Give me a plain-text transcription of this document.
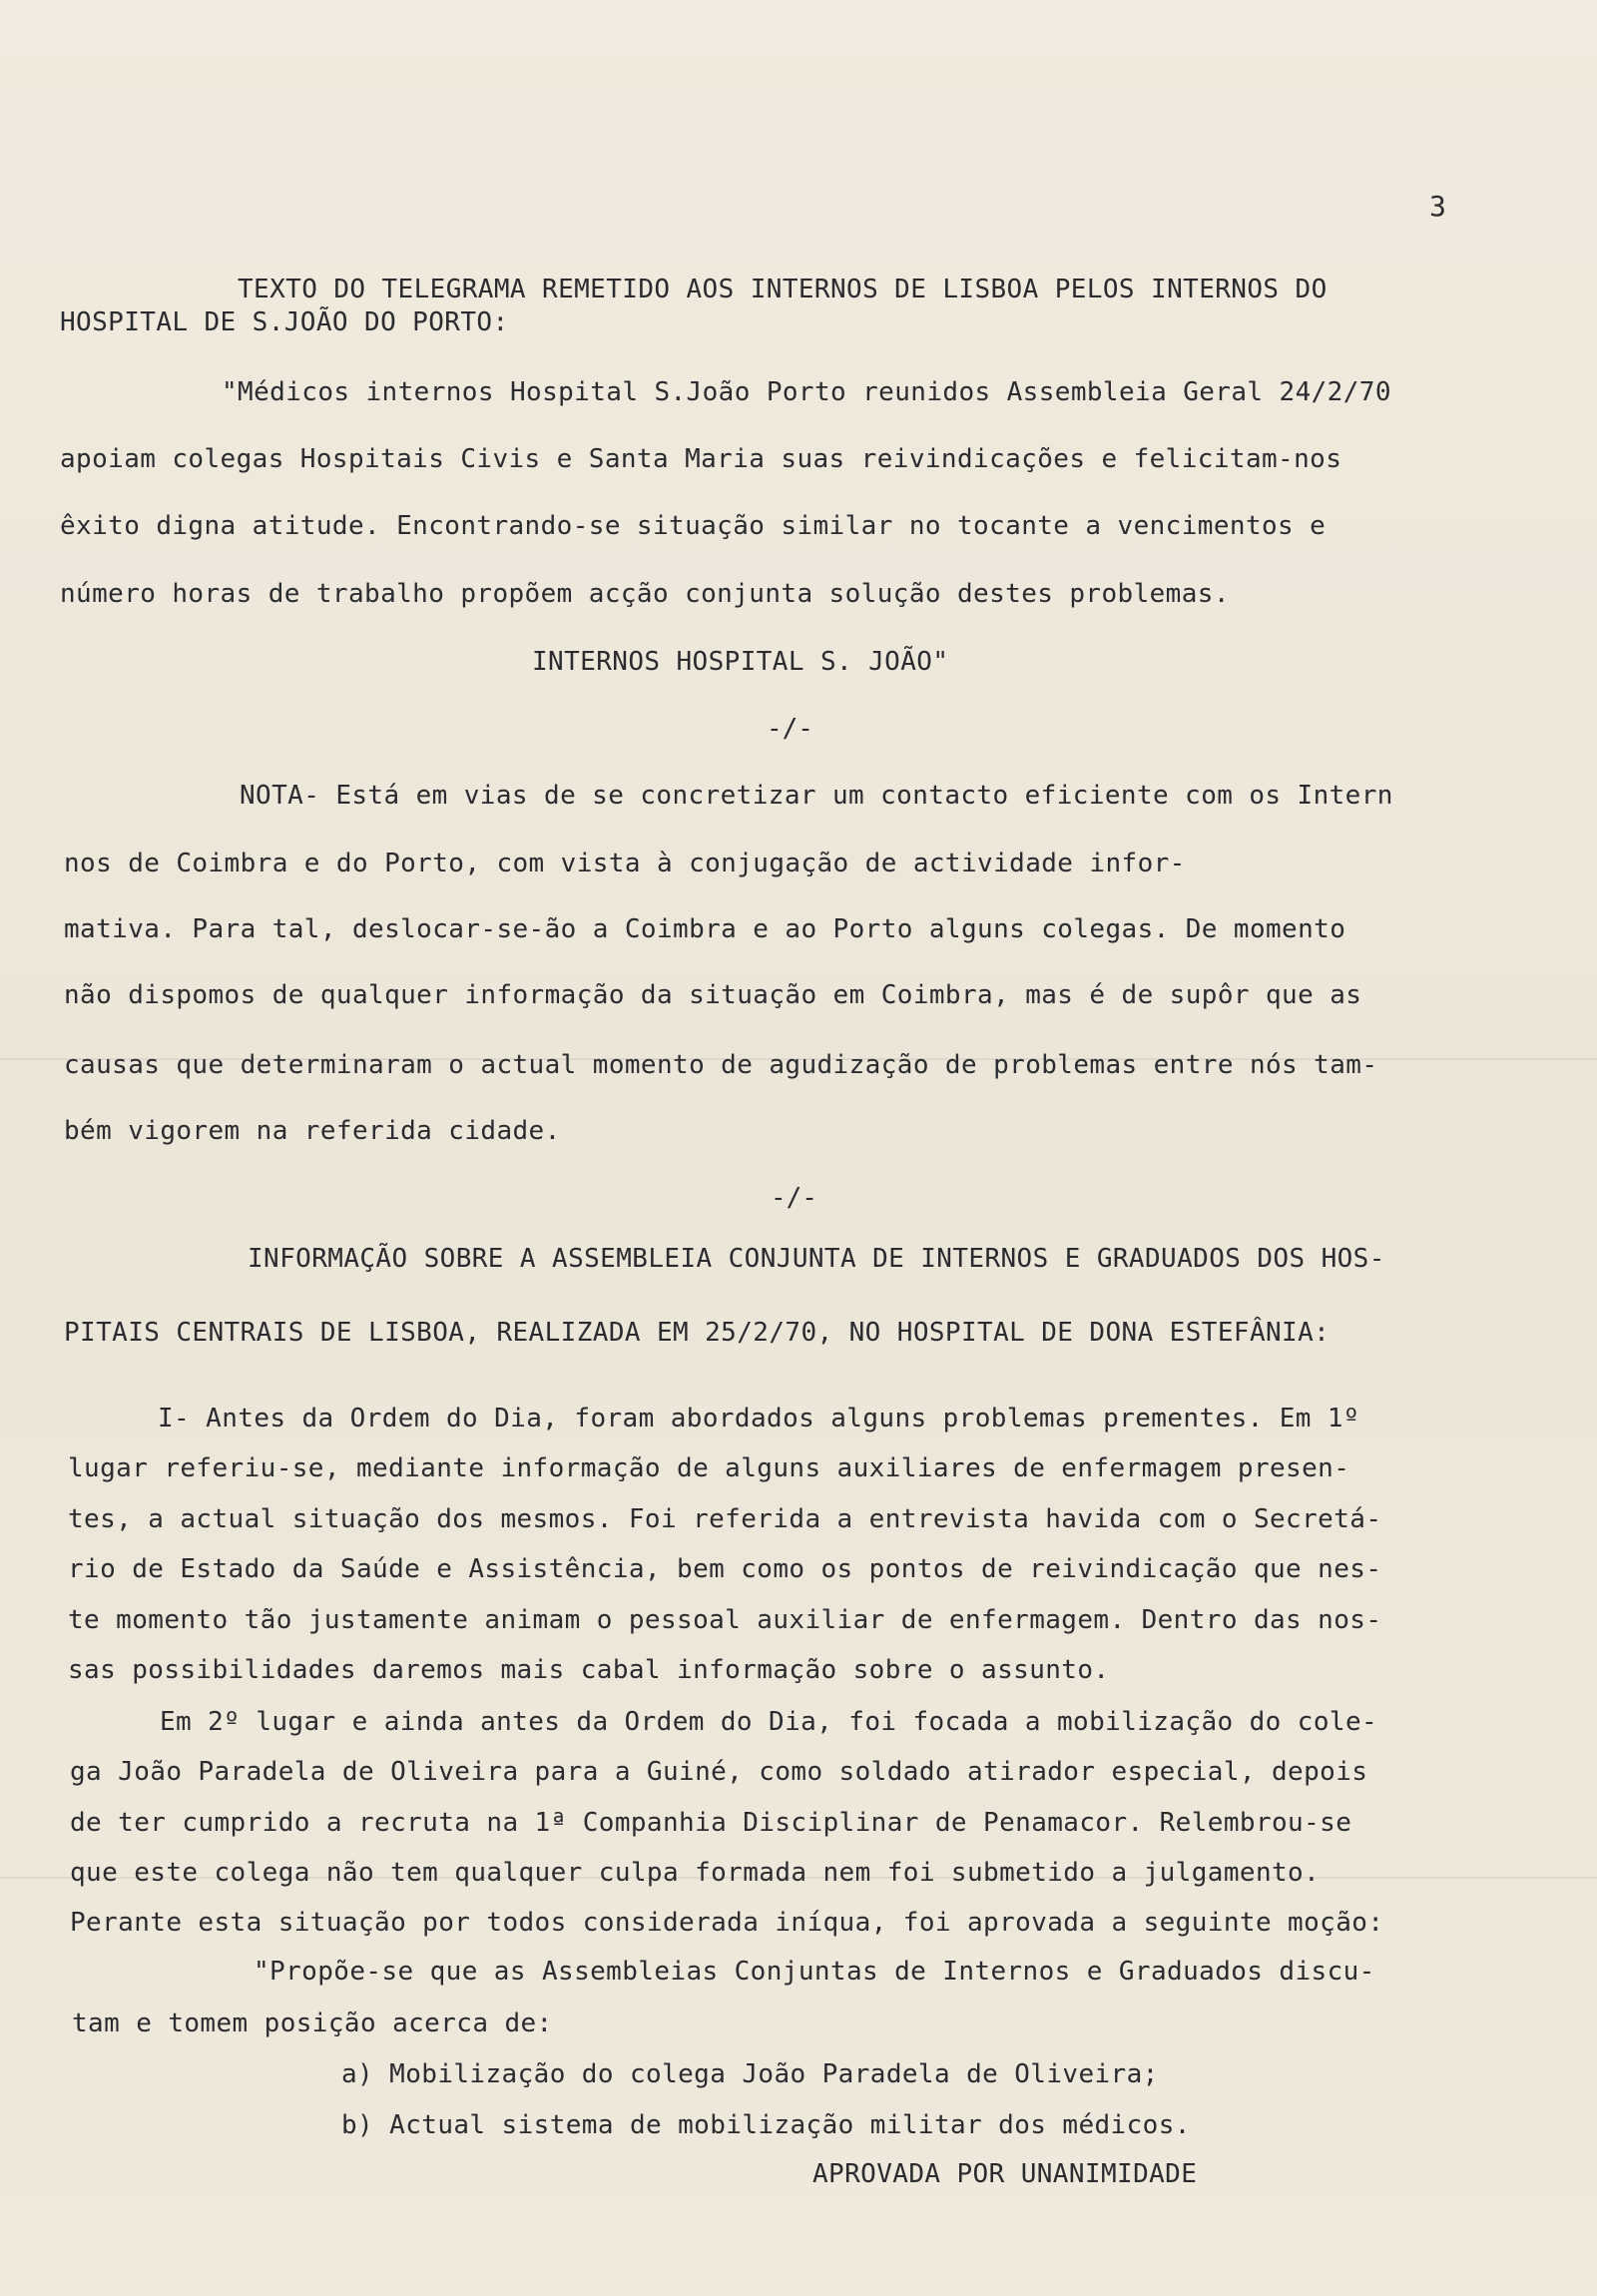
3
TEXTO DO TELEGRAMA REMETIDO AOS INTERNOS DE LISBOA PELOS INTERNOS DO
HOSPITAL DE S.JOÃO DO PORTO:
"Médicos internos Hospital S.João Porto reunidos Assembleia Geral 24/2/70
apoiam colegas Hospitais Civis e Santa Maria suas reivindicações e felicitam-nos
êxito digna atitude. Encontrando-se situação similar no tocante a vencimentos e
número horas de trabalho propõem acção conjunta solução destes problemas.
INTERNOS HOSPITAL S. JOÃO"
-/-
NOTA- Está em vias de se concretizar um contacto eficiente com os Intern
nos de Coimbra e do Porto, com vista à conjugação de actividade infor-
mativa. Para tal, deslocar-se-ão a Coimbra e ao Porto alguns colegas. De momento
não dispomos de qualquer informação da situação em Coimbra, mas é de supôr que as
causas que determinaram o actual momento de agudização de problemas entre nós tam-
bém vigorem na referida cidade.
-/-
INFORMAÇÃO SOBRE A ASSEMBLEIA CONJUNTA DE INTERNOS E GRADUADOS DOS HOS-
PITAIS CENTRAIS DE LISBOA, REALIZADA EM 25/2/70, NO HOSPITAL DE DONA ESTEFÂNIA:
I- Antes da Ordem do Dia, foram abordados alguns problemas prementes. Em 1º
lugar referiu-se, mediante informação de alguns auxiliares de enfermagem presen-
tes, a actual situação dos mesmos. Foi referida a entrevista havida com o Secretá-
rio de Estado da Saúde e Assistência, bem como os pontos de reivindicação que nes-
te momento tão justamente animam o pessoal auxiliar de enfermagem. Dentro das nos-
sas possibilidades daremos mais cabal informação sobre o assunto.
Em 2º lugar e ainda antes da Ordem do Dia, foi focada a mobilização do cole-
ga João Paradela de Oliveira para a Guiné, como soldado atirador especial, depois
de ter cumprido a recruta na 1ª Companhia Disciplinar de Penamacor. Relembrou-se
que este colega não tem qualquer culpa formada nem foi submetido a julgamento.
Perante esta situação por todos considerada iníqua, foi aprovada a seguinte moção:
"Propõe-se que as Assembleias Conjuntas de Internos e Graduados discu-
tam e tomem posição acerca de:
a) Mobilização do colega João Paradela de Oliveira;
b) Actual sistema de mobilização militar dos médicos.
APROVADA POR UNANIMIDADE
